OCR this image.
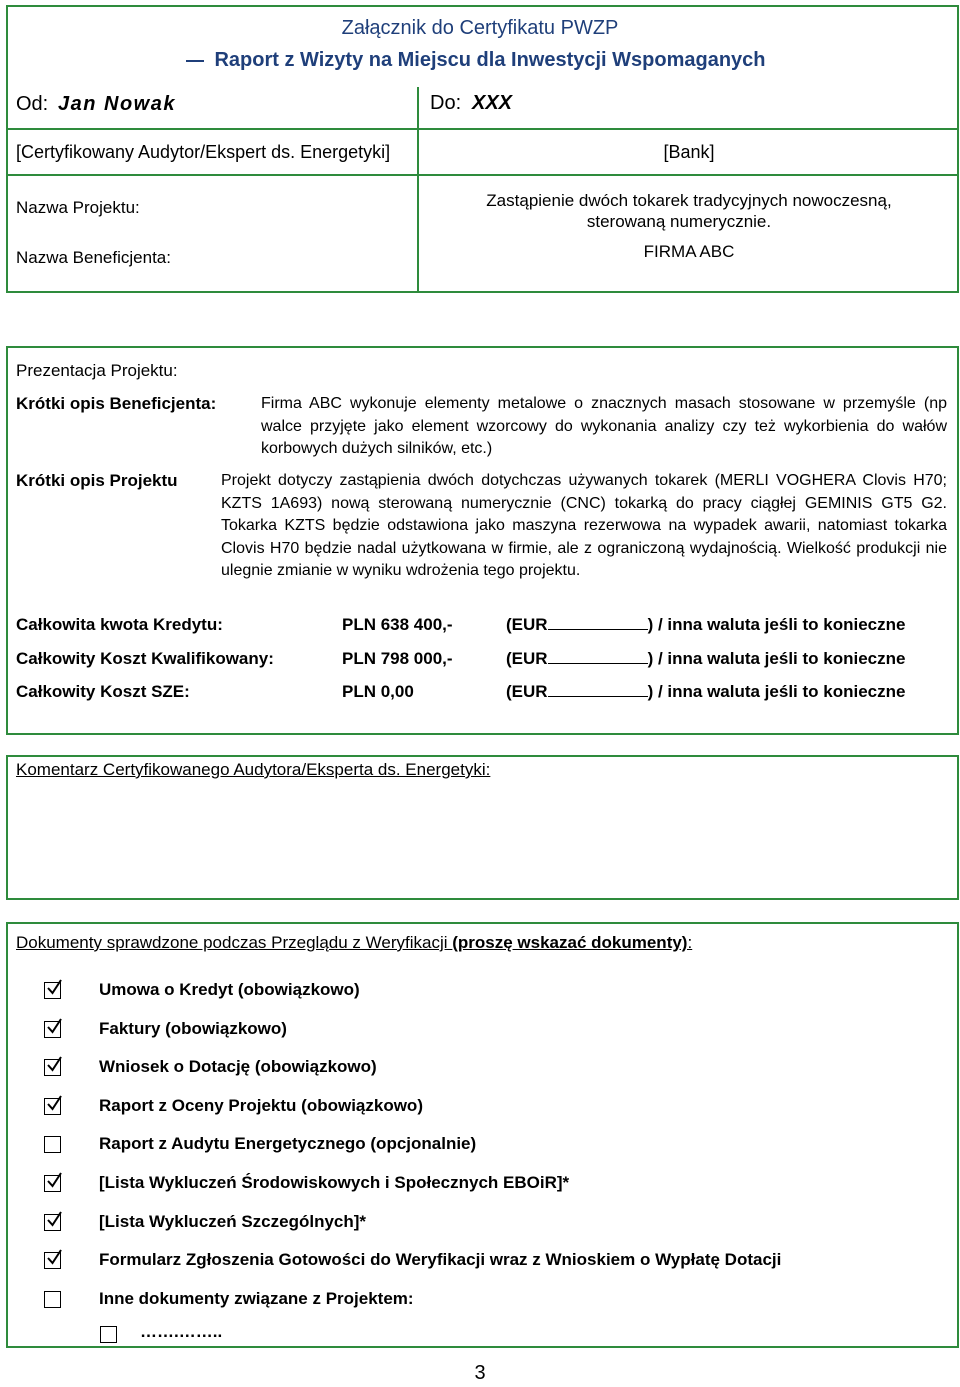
Załącznik do Certyfikatu PWZP
Raport z Wizyty na Miejscu dla Inwestycji Wspomaganych
Od: Jan Nowak	Do: XXX
[Certyfikowany Audytor/Ekspert ds. Energetyki]	[Bank]
Nazwa Projektu:	Zastąpienie dwóch tokarek tradycyjnych nowoczesną,
sterowaną numerycznie.
Nazwa Beneficjenta:	FIRMA ABC
Prezentacja Projektu:
Krótki opis Beneficjenta:	Firma ABC wykonuje elementy metalowe o znacznych masach stosowane w przemyśle (np walce przyjęte jako element wzorcowy do wykonania analizy czy też wykorbienia do wałów korbowych dużych silników, etc.)
Krótki opis Projektu	Projekt dotyczy zastąpienia dwóch dotychczas używanych tokarek (MERLI VOGHERA Clovis H70; KZTS 1A693) nową sterowaną numerycznie (CNC) tokarką do pracy ciągłej GEMINIS GT5 G2. Tokarka KZTS będzie odstawiona jako maszyna rezerwowa na wypadek awarii, natomiast tokarka Clovis H70 będzie nadal użytkowana w firmie, ale z ograniczoną wydajnością. Wielkość produkcji nie ulegnie zmianie w wyniku wdrożenia tego projektu.
Całkowita kwota Kredytu:	PLN 638 400,-	(EUR	) / inna waluta jeśli to konieczne
Całkowity Koszt Kwalifikowany:	PLN 798 000,-	(EUR	) / inna waluta jeśli to konieczne
Całkowity Koszt SZE:	PLN 0,00	(EUR	) / inna waluta jeśli to konieczne
Komentarz Certyfikowanego Audytora/Eksperta ds. Energetyki:
Dokumenty sprawdzone podczas Przeglądu z Weryfikacji (proszę wskazać dokumenty):
Umowa o Kredyt (obowiązkowo)
Faktury (obowiązkowo)
Wniosek o Dotację (obowiązkowo)
Raport z Oceny Projektu (obowiązkowo)
Raport z Audytu Energetycznego (opcjonalnie)
[Lista Wykluczeń Środowiskowych i Społecznych EBOiR]*
[Lista Wykluczeń Szczególnych]*
Formularz Zgłoszenia Gotowości do Weryfikacji wraz z Wnioskiem o Wypłatę Dotacji
Inne dokumenty związane z Projektem:
…….……..
3
